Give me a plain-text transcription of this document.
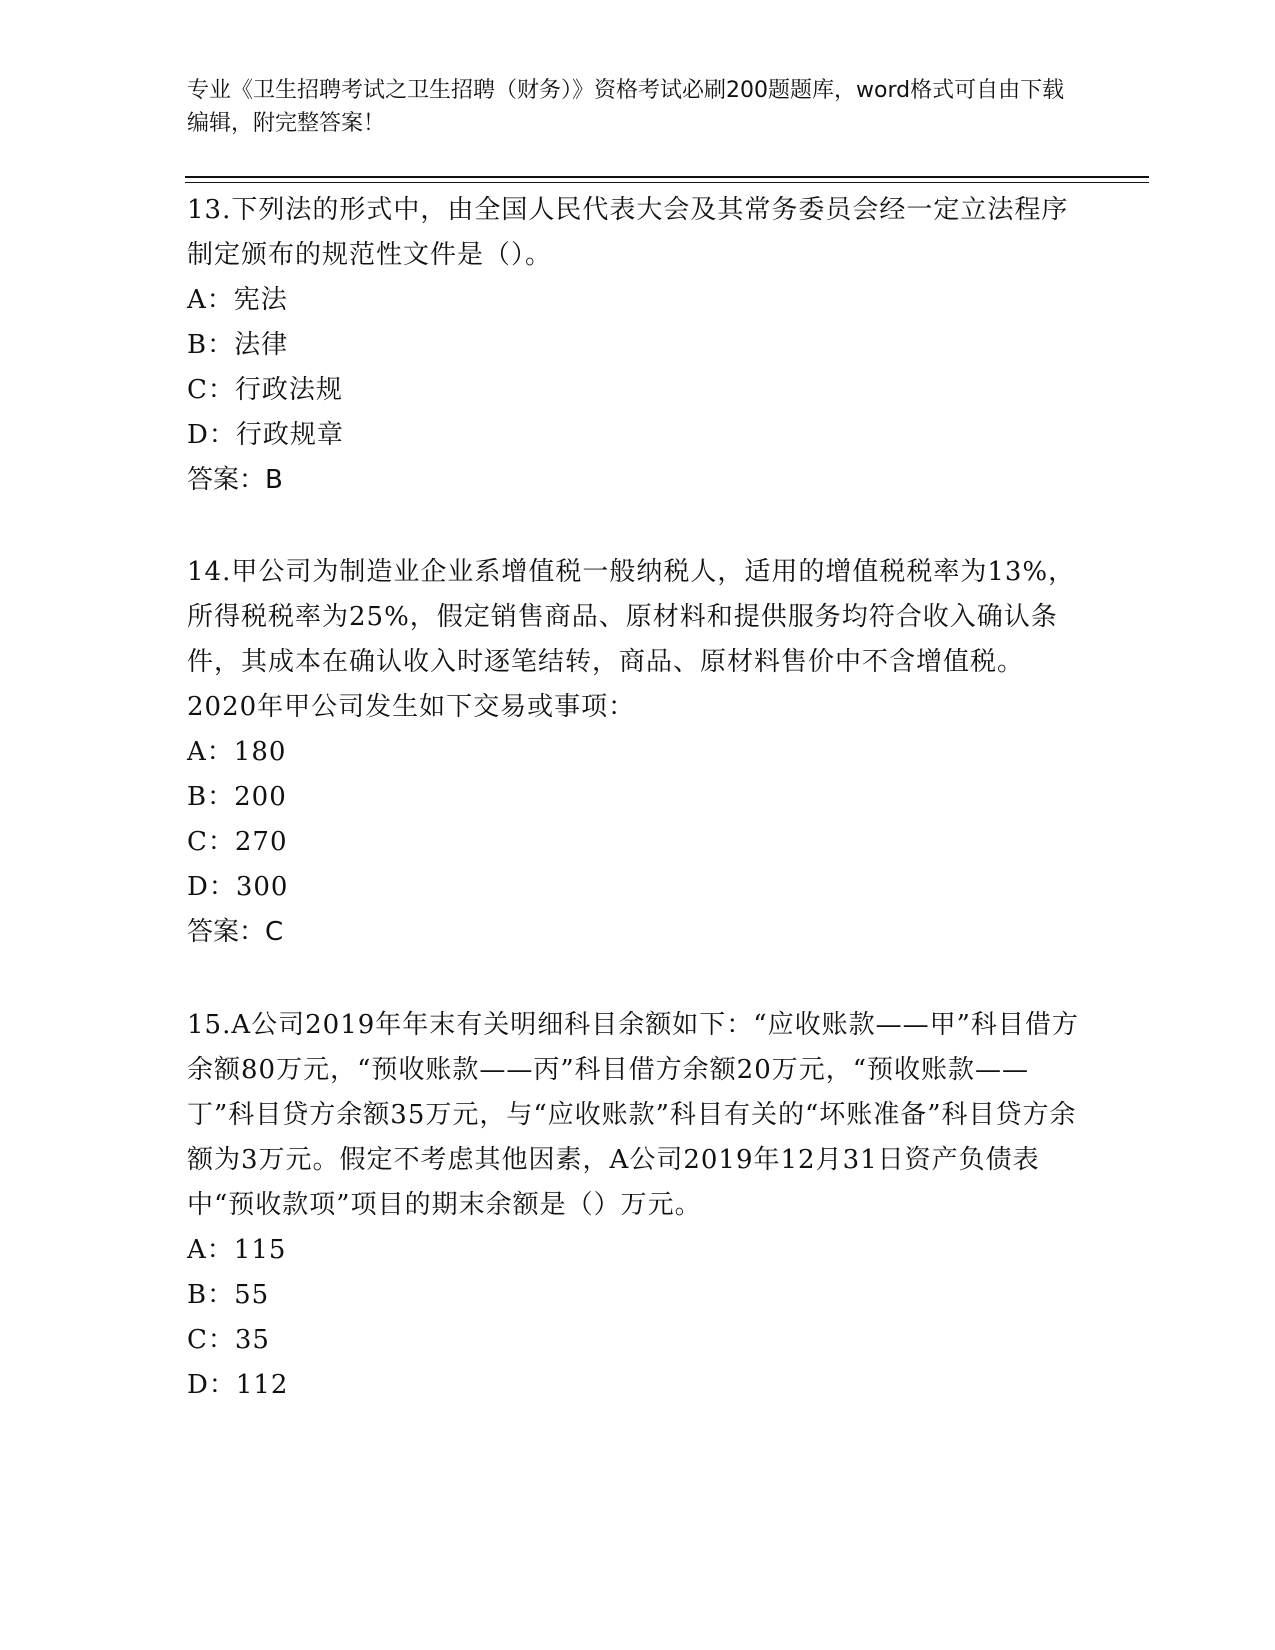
专业《卫生招聘考试之卫生招聘（财务）》资格考试必刷200题题库，word格式可自由下载编辑，附完整答案！
13.下列法的形式中，由全国人民代表大会及其常务委员会经一定立法程序制定颁布的规范性文件是（）。
A：宪法
B：法律
C：行政法规
D：行政规章
答案：B
14.甲公司为制造业企业系增值税一般纳税人，适用的增值税税率为13%，所得税税率为25%，假定销售商品、原材料和提供服务均符合收入确认条件，其成本在确认收入时逐笔结转，商品、原材料售价中不含增值税。2020年甲公司发生如下交易或事项：
A：180
B：200
C：270
D：300
答案：C
15.A公司2019年年末有关明细科目余额如下：“应收账款——甲”科目借方余额80万元，“预收账款——丙”科目借方余额20万元，“预收账款——丁”科目贷方余额35万元，与“应收账款”科目有关的“坏账准备”科目贷方余额为3万元。假定不考虑其他因素，A公司2019年12月31日资产负债表中“预收款项”项目的期末余额是（）万元。
A：115
B：55
C：35
D：112
